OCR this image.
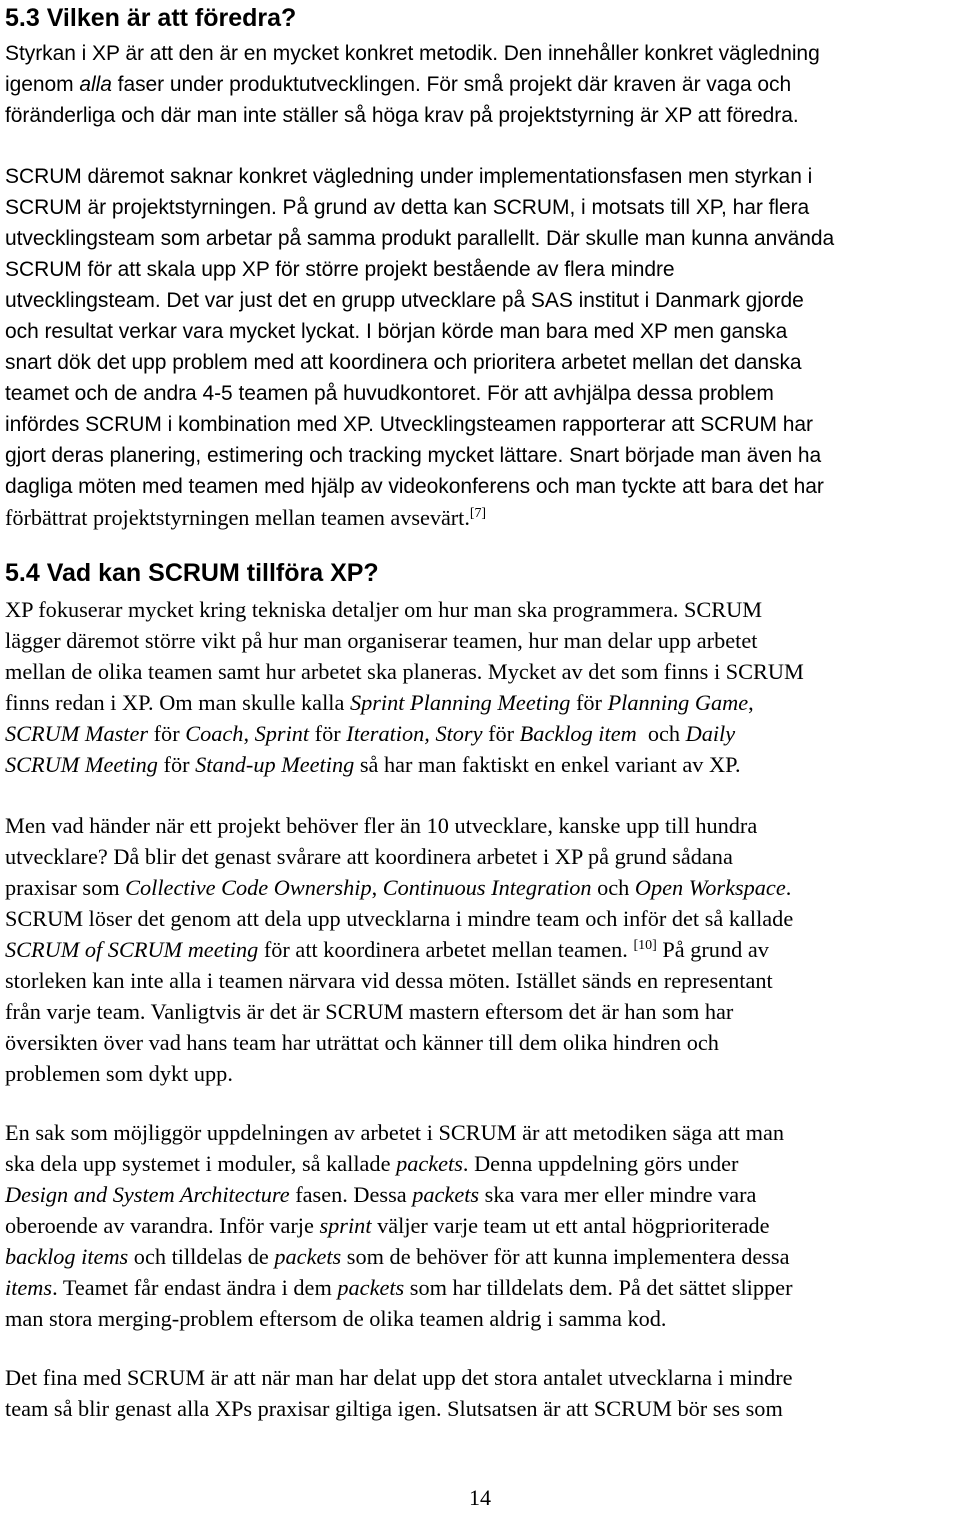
5.3 Vilken är att föredra?
Styrkan i XP är att den är en mycket konkret metodik. Den innehåller konkret vägledning
igenom alla faser under produktutvecklingen. För små projekt där kraven är vaga och
föränderliga och där man inte ställer så höga krav på projektstyrning är XP att föredra.
SCRUM däremot saknar konkret vägledning under implementationsfasen men styrkan i
SCRUM är projektstyrningen. På grund av detta kan SCRUM, i motsats till XP, har flera
utvecklingsteam som arbetar på samma produkt parallellt. Där skulle man kunna använda
SCRUM för att skala upp XP för större projekt bestående av flera mindre
utvecklingsteam. Det var just det en grupp utvecklare på SAS institut i Danmark gjorde
och resultat verkar vara mycket lyckat. I början körde man bara med XP men ganska
snart dök det upp problem med att koordinera och prioritera arbetet mellan det danska
teamet och de andra 4-5 teamen på huvudkontoret. För att avhjälpa dessa problem
infördes SCRUM i kombination med XP. Utvecklingsteamen rapporterar att SCRUM har
gjort deras planering, estimering och tracking mycket lättare. Snart började man även ha
dagliga möten med teamen med hjälp av videokonferens och man tyckte att bara det har
förbättrat projektstyrningen mellan teamen avsevärt.[7]
5.4 Vad kan SCRUM tillföra XP?
XP fokuserar mycket kring tekniska detaljer om hur man ska programmera. SCRUM
lägger däremot större vikt på hur man organiserar teamen, hur man delar upp arbetet
mellan de olika teamen samt hur arbetet ska planeras. Mycket av det som finns i SCRUM
finns redan i XP. Om man skulle kalla Sprint Planning Meeting för Planning Game,
SCRUM Master för Coach, Sprint för Iteration, Story för Backlog item  och Daily
SCRUM Meeting för Stand-up Meeting så har man faktiskt en enkel variant av XP.
Men vad händer när ett projekt behöver fler än 10 utvecklare, kanske upp till hundra
utvecklare? Då blir det genast svårare att koordinera arbetet i XP på grund sådana
praxisar som Collective Code Ownership, Continuous Integration och Open Workspace.
SCRUM löser det genom att dela upp utvecklarna i mindre team och inför det så kallade
SCRUM of SCRUM meeting för att koordinera arbetet mellan teamen. [10] På grund av
storleken kan inte alla i teamen närvara vid dessa möten. Istället sänds en representant
från varje team. Vanligtvis är det är SCRUM mastern eftersom det är han som har
översikten över vad hans team har uträttat och känner till dem olika hindren och
problemen som dykt upp.
En sak som möjliggör uppdelningen av arbetet i SCRUM är att metodiken säga att man
ska dela upp systemet i moduler, så kallade packets. Denna uppdelning görs under
Design and System Architecture fasen. Dessa packets ska vara mer eller mindre vara
oberoende av varandra. Inför varje sprint väljer varje team ut ett antal högprioriterade
backlog items och tilldelas de packets som de behöver för att kunna implementera dessa
items. Teamet får endast ändra i dem packets som har tilldelats dem. På det sättet slipper
man stora merging-problem eftersom de olika teamen aldrig i samma kod.
Det fina med SCRUM är att när man har delat upp det stora antalet utvecklarna i mindre
team så blir genast alla XPs praxisar giltiga igen. Slutsatsen är att SCRUM bör ses som
14
